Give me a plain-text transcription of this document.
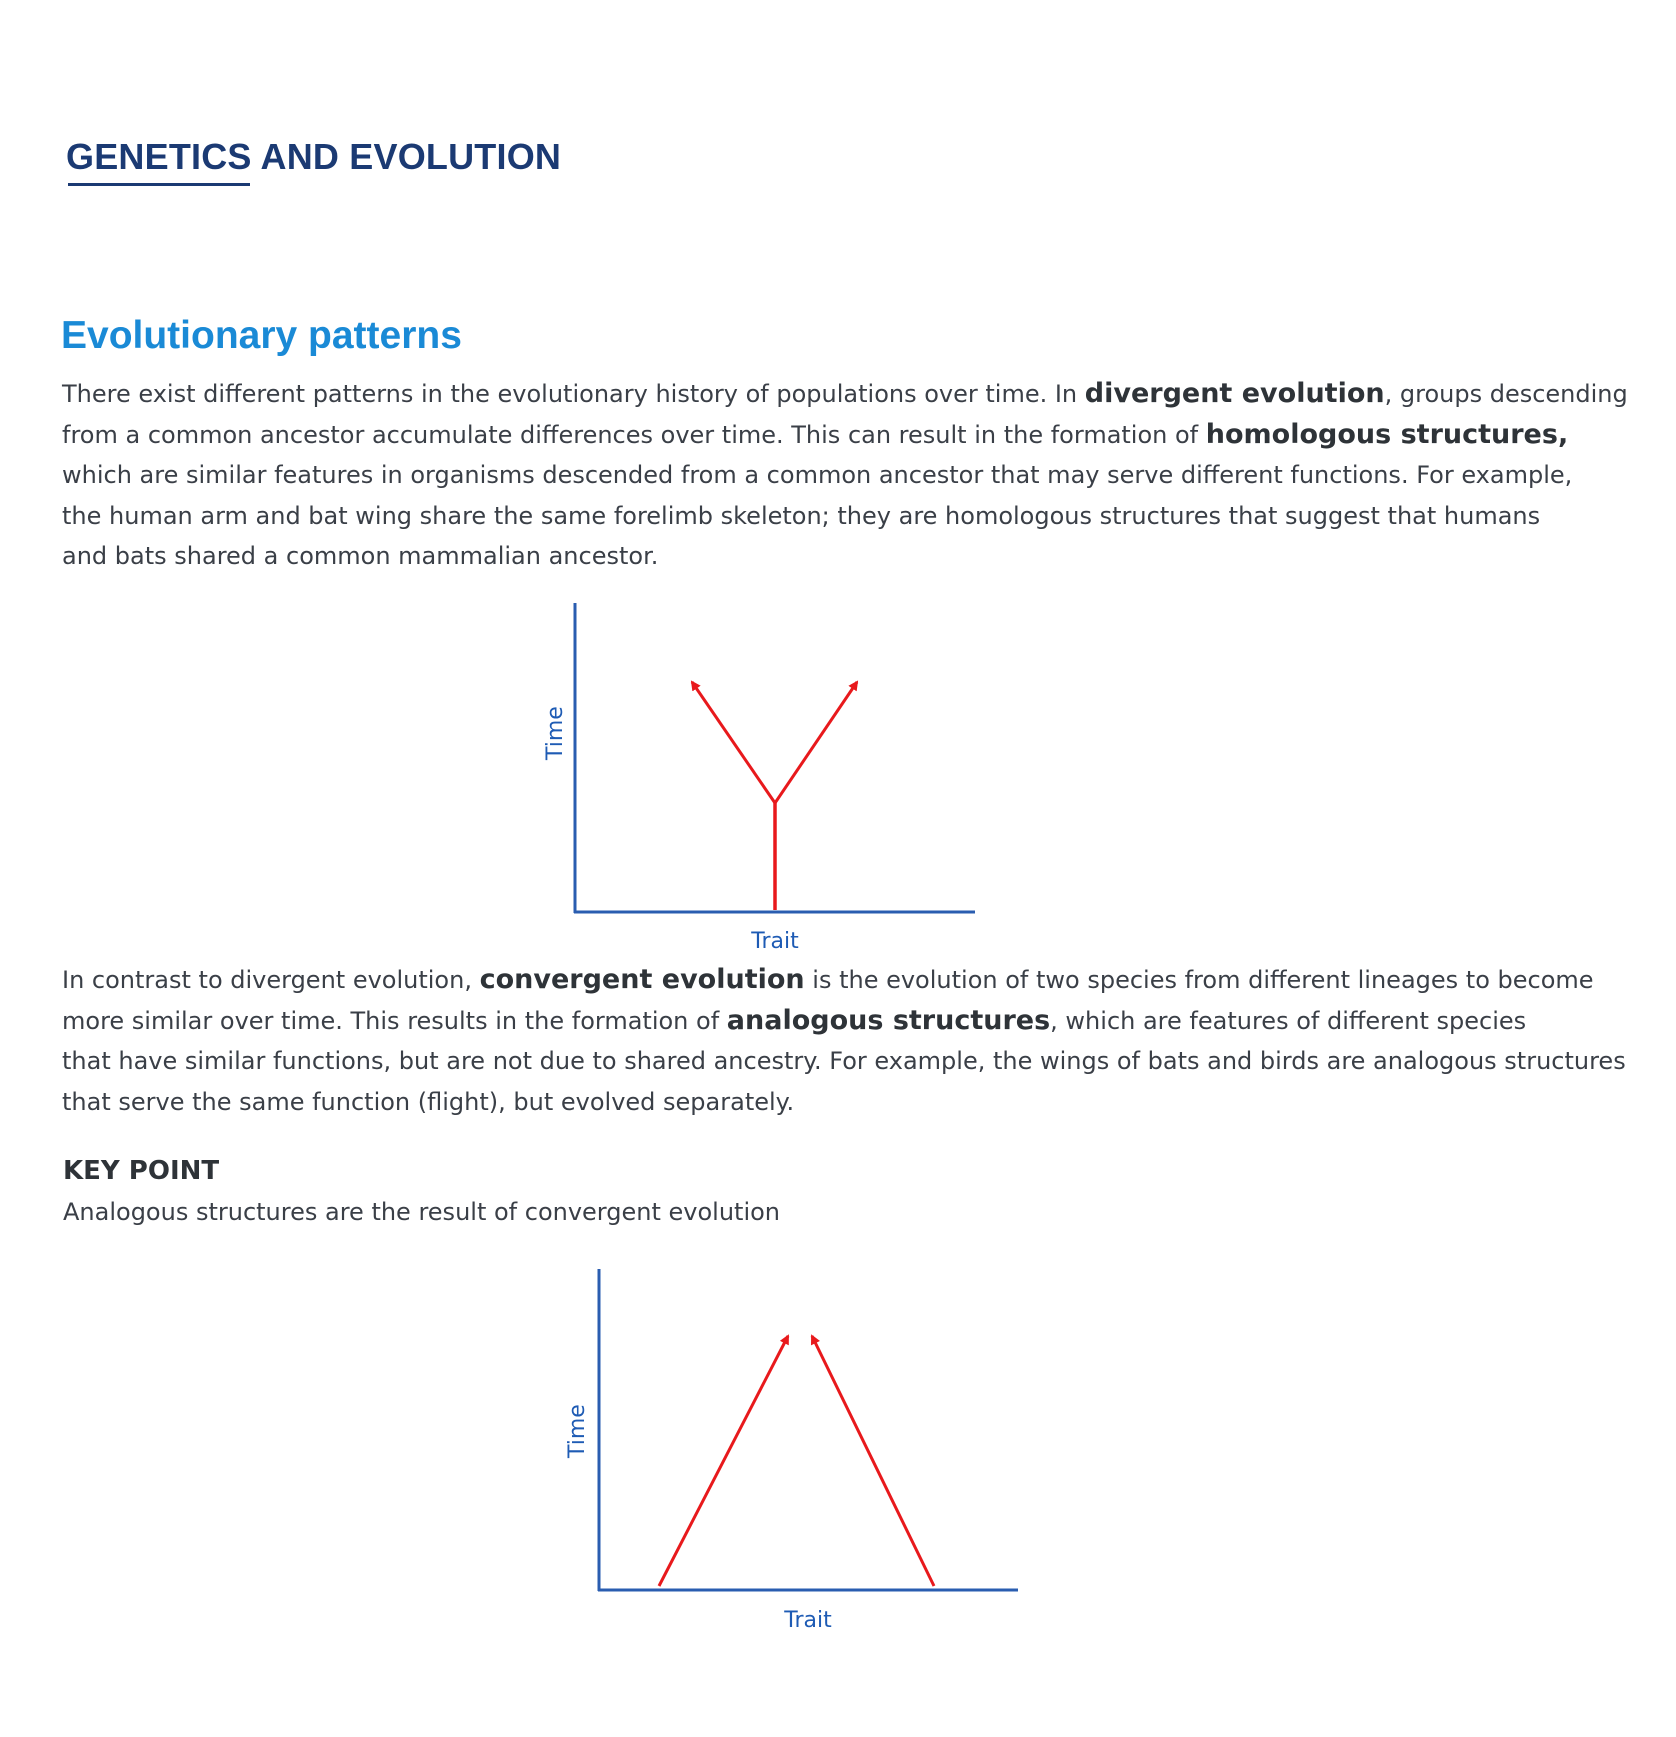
GENETICS AND EVOLUTION
Evolutionary patterns
There exist different patterns in the evolutionary history of populations over time. In divergent evolution, groups descending
from a common ancestor accumulate differences over time. This can result in the formation of homologous structures,
which are similar features in organisms descended from a common ancestor that may serve different functions. For example,
the human arm and bat wing share the same forelimb skeleton; they are homologous structures that suggest that humans
and bats shared a common mammalian ancestor.
Time
Trait
In contrast to divergent evolution, convergent evolution is the evolution of two species from different lineages to become
more similar over time. This results in the formation of analogous structures, which are features of different species
that have similar functions, but are not due to shared ancestry. For example, the wings of bats and birds are analogous structures
that serve the same function (flight), but evolved separately.
KEY POINT
Analogous structures are the result of convergent evolution
Time
Trait
